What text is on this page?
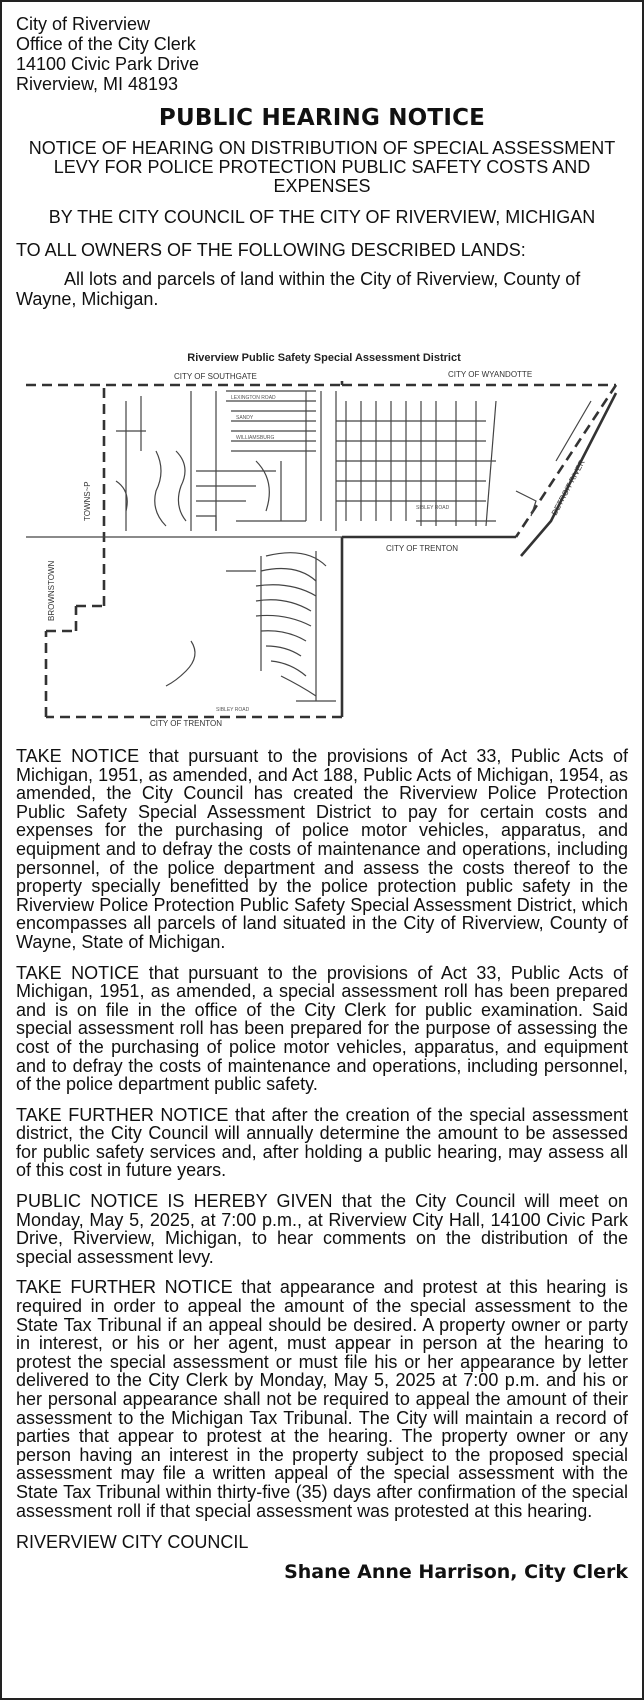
City of Riverview
Office of the City Clerk
14100 Civic Park Drive
Riverview, MI 48193
PUBLIC HEARING NOTICE
NOTICE OF HEARING ON DISTRIBUTION OF SPECIAL ASSESSMENT LEVY FOR POLICE PROTECTION PUBLIC SAFETY COSTS AND EXPENSES
BY THE CITY COUNCIL OF THE CITY OF RIVERVIEW, MICHIGAN
TO ALL OWNERS OF THE FOLLOWING DESCRIBED LANDS:

All lots and parcels of land within the City of Riverview, County of Wayne, Michigan.

Riverview Public Safety Special Assessment District
CITY OF SOUTHGATE	CITY OF WYANDOTTE
CITY OF TRENTON
CITY OF TRENTON
TOWNS~P
BROWNSTOWN
DETROIT RIVER
LEXINGTON ROAD
SANDY
WILLIAMSBURG
SIBLEY ROAD
SIBLEY ROAD

TAKE NOTICE that pursuant to the provisions of Act 33, Public Acts of Michigan, 1951, as amended, and Act 188, Public Acts of Michigan, 1954, as amended, the City Council has created the Riverview Police Protection Public Safety Special Assessment District to pay for certain costs and expenses for the purchasing of police motor vehicles, apparatus, and equipment and to defray the costs of maintenance and operations, including personnel, of the police department and assess the costs thereof to the property specially benefitted by the police protection public safety in the Riverview Police Protection Public Safety Special Assessment District, which encompasses all parcels of land situated in the City of Riverview, County of Wayne, State of Michigan.

TAKE NOTICE that pursuant to the provisions of Act 33, Public Acts of Michigan, 1951, as amended, a special assessment roll has been prepared and is on file in the office of the City Clerk for public examination. Said special assessment roll has been prepared for the purpose of assessing the cost of the purchasing of police motor vehicles, apparatus, and equipment and to defray the costs of maintenance and operations, including personnel, of the police department public safety.

TAKE FURTHER NOTICE that after the creation of the special assessment district, the City Council will annually determine the amount to be assessed for public safety services and, after holding a public hearing, may assess all of this cost in future years.

PUBLIC NOTICE IS HEREBY GIVEN that the City Council will meet on Monday, May 5, 2025, at 7:00 p.m., at Riverview City Hall, 14100 Civic Park Drive, Riverview, Michigan, to hear comments on the distribution of the special assessment levy.

TAKE FURTHER NOTICE that appearance and protest at this hearing is required in order to appeal the amount of the special assessment to the State Tax Tribunal if an appeal should be desired. A property owner or party in interest, or his or her agent, must appear in person at the hearing to protest the special assessment or must file his or her appearance by letter delivered to the City Clerk by Monday, May 5, 2025 at 7:00 p.m. and his or her personal appearance shall not be required to appeal the amount of their assessment to the Michigan Tax Tribunal. The City will maintain a record of parties that appear to protest at the hearing. The property owner or any person having an interest in the property subject to the proposed special assessment may file a written appeal of the special assessment with the State Tax Tribunal within thirty-five (35) days after confirmation of the special assessment roll if that special assessment was protested at this hearing.

RIVERVIEW CITY COUNCIL
Shane Anne Harrison, City Clerk
